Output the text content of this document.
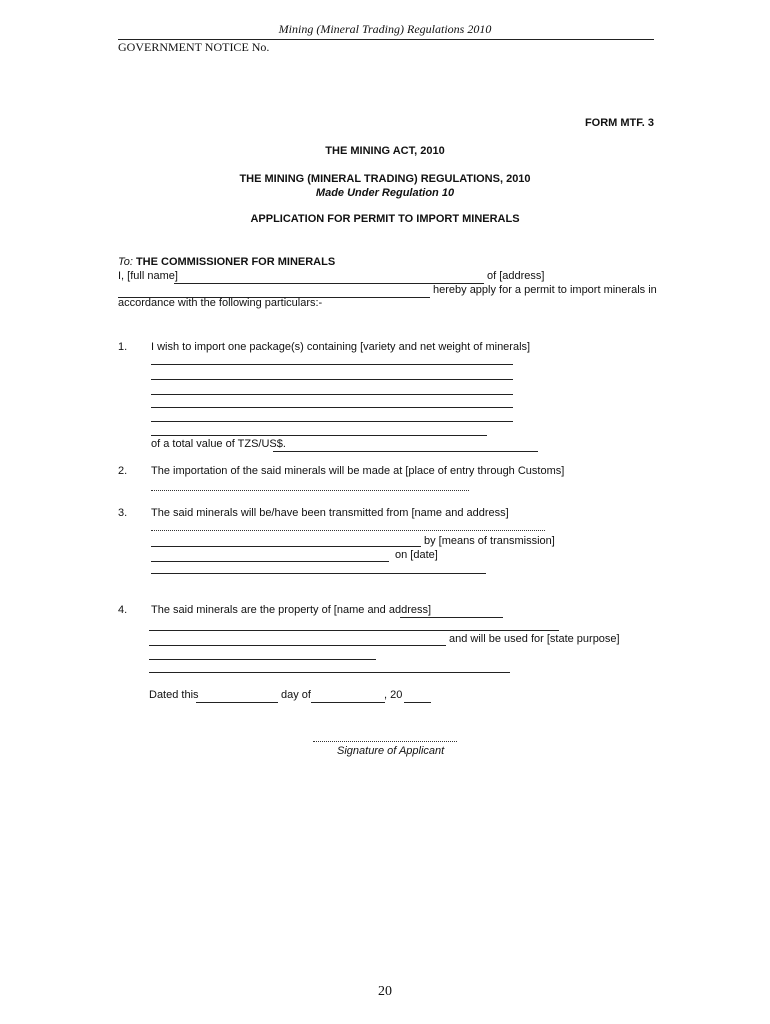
Mining (Mineral Trading) Regulations 2010
GOVERNMENT NOTICE No.
FORM MTF. 3
THE MINING ACT, 2010
THE MINING (MINERAL TRADING) REGULATIONS, 2010
Made Under Regulation 10
APPLICATION FOR PERMIT TO IMPORT MINERALS
To: THE COMMISSIONER FOR MINERALS
I, [full name]	of [address]
hereby apply for a permit to import minerals in
accordance with the following particulars:-
1. I wish to import one package(s) containing [variety and net weight of minerals]
of a total value of TZS/US$.
2. The importation of the said minerals will be made at [place of entry through Customs]
3. The said minerals will be/have been transmitted from [name and address]
by [means of transmission]
on [date]
4. The said minerals are the property of [name and address]
and will be used for [state purpose]
Dated this	day of	, 20
Signature of Applicant
20
